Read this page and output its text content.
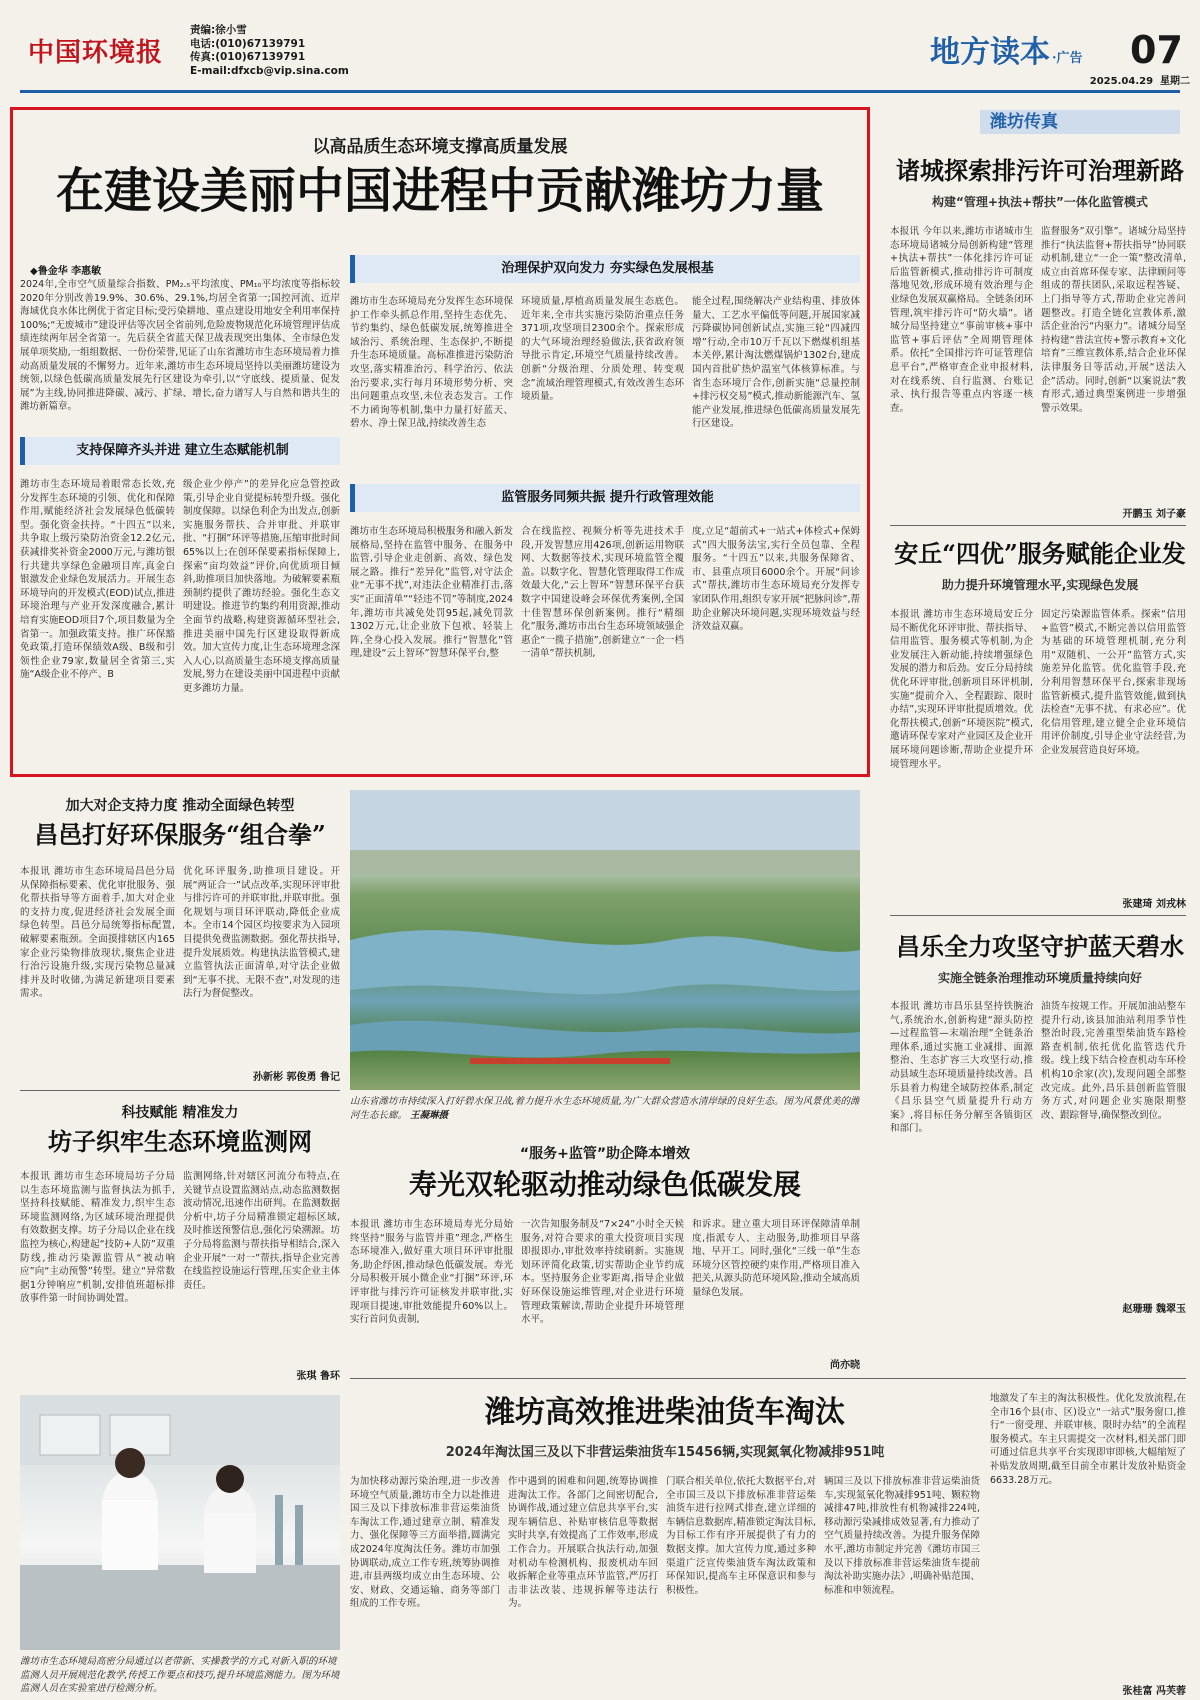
中国环境报
责编:徐小雪
电话:(010)67139791
传真:(010)67139791
E-mail:dfxcb@vip.sina.com
地方读本 ·广告	07
2025.04.29 星期二
潍坊传真
以高品质生态环境支撑高质量发展
在建设美丽中国进程中贡献潍坊力量
◆鲁金华 李惠敏
2024年,全市空气质量综合指数、PM₂.₅平均浓度、PM₁₀平均浓度等指标较2020年分别改善19.9%、30.6%、29.1%,均居全省第一;国控河流、近岸海域优良水体比例优于省定目标;受污染耕地、重点建设用地安全利用率保持100%;“无废城市”建设评估等次居全省前列,危险废物规范化环境管理评估成绩连续两年居全省第一。先后获全省蓝天保卫战表现突出集体、全市绿色发展单项奖励,一组组数据、一份份荣誉,见证了山东省潍坊市生态环境局着力推动高质量发展的不懈努力。近年来,潍坊市生态环境局坚持以美丽潍坊建设为统领,以绿色低碳高质量发展先行区建设为牵引,以“守底线、提质量、促发展”为主线,协同推进降碳、减污、扩绿、增长,奋力谱写人与自然和谐共生的潍坊新篇章。
支持保障齐头并进 建立生态赋能机制
潍坊市生态环境局着眼常态长效,充分发挥生态环境的引领、优化和保障作用,赋能经济社会发展绿色低碳转型。强化资金扶持。“十四五”以来,共争取上级污染防治资金12.2亿元,获减排奖补资金2000万元,与潍坊银行共建共享绿色金融项目库,真金白银激发企业绿色发展活力。开展生态环境导向的开发模式(EOD)试点,推进环境治理与产业开发深度融合,累计培育实施EOD项目7个,项目数量为全省第一。加强政策支持。推广环保豁免政策,打造环保绩效A级、B级和引领性企业79家,数量居全省第三,实施“A级企业不停产、B
级企业少停产”的差异化应急管控政策,引导企业自觉提标转型升级。强化制度保障。以绿色利企为出发点,创新实施服务帮扶、合并审批、并联审批、“打捆”环评等措施,压缩审批时间65%以上;在创环保要素指标保障上,探索“亩均效益”评价,向优质项目倾斜,助推项目加快落地。为破解要素瓶颈制约提供了潍坊经验。强化生态文明建设。推进节约集约利用资源,推动全面节约战略,构建资源循环型社会,推进美丽中国先行区建设取得新成效。加大宣传力度,让生态环境理念深入人心,以高质量生态环境支撑高质量发展,努力在建设美丽中国进程中贡献更多潍坊力量。
治理保护双向发力 夯实绿色发展根基
潍坊市生态环境局充分发挥生态环境保护工作牵头抓总作用,坚持生态优先、节约集约、绿色低碳发展,统筹推进全域治污、系统治理、生态保护,不断提升生态环境质量。高标准推进污染防治攻坚,落实精准治污、科学治污、依法治污要求,实行每月环境形势分析、突出问题重点攻坚,未位表态发言。工作不力函询等机制,集中力量打好蓝天、碧水、净土保卫战,持续改善生态
环境质量,厚植高质量发展生态底色。近年来,全市共实施污染防治重点任务371项,攻坚项目2300余个。探索形成的大气环境治理经验做法,获省政府领导批示肯定,环境空气质量持续改善。创新“分级治理、分质处理、转变观念”流域治理管理模式,有效改善生态环境质量。
能全过程,围绕解决产业结构重、排放体量大、工艺水平偏低等问题,开展国家减污降碳协同创新试点,实施三轮“四减四增”行动,全市10万千瓦以下燃煤机组基本关停,累计淘汰燃煤锅炉1302台,建成国内首批矿热炉温室气体核算标准。与省生态环境厅合作,创新实施“总量控制+排污权交易”模式,推动新能源汽车、氢能产业发展,推进绿色低碳高质量发展先行区建设。
监管服务同频共振 提升行政管理效能
潍坊市生态环境局积极服务和融入新发展格局,坚持在监管中服务、在服务中监管,引导企业走创新、高效、绿色发展之路。推行“差异化”监管,对守法企业“无事不扰”,对违法企业精准打击,落实“正面清单”“轻违不罚”等制度,2024年,潍坊市共减免处罚95起,减免罚款1302万元,让企业放下包袱、轻装上阵,全身心投入发展。推行“智慧化”管理,建设“云上智环”智慧环保平台,整
合在线监控、视频分析等先进技术手段,开发智慧应用426项,创新运用物联网、大数据等技术,实现环境监管全覆盖。以数字化、智慧化管理取得工作成效最大化,“云上智环”智慧环保平台获数字中国建设峰会环保优秀案例,全国十佳智慧环保创新案例。推行“精细化”服务,潍坊市出台生态环境领域强企惠企“一揽子措施”,创新建立“一企一档一清单”帮扶机制,
度,立足“超前式+一站式+体检式+保姆式”四大服务法宝,实行全员包靠、全程服务。“十四五”以来,共服务保障省、市、县重点项目6000余个。开展“问诊式”帮扶,潍坊市生态环境局充分发挥专家团队作用,组织专家开展“把脉问诊”,帮助企业解决环境问题,实现环境效益与经济效益双赢。
诸城探索排污许可治理新路
构建“管理+执法+帮扶”一体化监管模式
本报讯 今年以来,潍坊市诸城市生态环境局诸城分局创新构建“管理+执法+帮扶”一体化排污许可证后监管新模式,推动排污许可制度落地见效,形成环境有效治理与企业绿色发展双赢格局。全链条闭环管理,筑牢排污许可“防火墙”。诸城分局坚持建立“事前审核+事中监管+事后评估”全周期管理体系。依托“全国排污许可证管理信息平台”,严格审查企业申报材料,对在线系统、自行监测、台账记录、执行报告等重点内容逐一核查。
监督服务”双引擎”。诸城分局坚持推行“执法监督+帮扶指导”协同联动机制,建立“一企一策”整改清单,成立由首席环保专家、法律顾问等组成的帮扶团队,采取远程答疑、上门指导等方式,帮助企业完善问题整改。打造全链化宣教体系,激活企业治污“内驱力”。诸城分局坚持构建“普法宣传+警示教育+文化培育”三维宣教体系,结合企业环保法律服务日等活动,开展“送法入企”活动。同时,创新“以案说法”教育形式,通过典型案例进一步增强警示效果。
开鹏玉 刘子豪
安丘“四优”服务赋能企业发
助力提升环境管理水平,实现绿色发展
本报讯 潍坊市生态环境局安丘分局不断优化环评审批、帮扶指导、信用监管、服务模式等机制,为企业发展注入新动能,持续增强绿色发展的潜力和后劲。安丘分局持续优化环评审批,创新项目环评机制,实施“提前介入、全程跟踪、限时办结”,实现环评审批提质增效。优化帮扶模式,创新“环境医院”模式,邀请环保专家对产业园区及企业开展环境问题诊断,帮助企业提升环境管理水平。
固定污染源监管体系。探索“信用+监管”模式,不断完善以信用监管为基础的环境管理机制,充分利用“双随机、一公开”监管方式,实施差异化监管。优化监管手段,充分利用智慧环保平台,探索非现场监管新模式,提升监管效能,做到执法检查“无事不扰、有求必应”。优化信用管理,建立健全企业环境信用评价制度,引导企业守法经营,为企业发展营造良好环境。
张建琦 刘戎林
昌乐全力攻坚守护蓝天碧水
实施全链条治理推动环境质量持续向好
本报讯 潍坊市昌乐县坚持铁腕治气,系统治水,创新构建“源头防控—过程监管—末端治理”全链条治理体系,通过实施工业减排、面源整治、生态扩容三大攻坚行动,推动县域生态环境质量持续改善。昌乐县着力构建全域防控体系,制定《昌乐县空气质量提升行动方案》,将目标任务分解至各镇街区和部门。
油货车按规工作。开展加油站整车提升行动,该县加油站利用季节性整治时段,完善重型柴油货车路检路查机制,依托优化监管迭代升级。线上线下结合检查机动车环检机构10余家(次),发现问题全部整改完成。此外,昌乐县创新监管服务方式,对问题企业实施限期整改、跟踪督导,确保整改到位。
赵珊珊 魏翠玉
加大对企支持力度 推动全面绿色转型
昌邑打好环保服务“组合拳”
本报讯 潍坊市生态环境局昌邑分局从保障指标要素、优化审批服务、强化帮扶指导等方面着手,加大对企业的支持力度,促进经济社会发展全面绿色转型。昌邑分局统筹指标配置,破解要素瓶颈。全面摸排辖区内165家企业污染物排放现状,聚焦企业进行治污设施升级,实现污染物总量减排并及时收储,为满足新建项目要素需求。
优化环评服务,助推项目建设。开展“两证合一”试点改革,实现环评审批与排污许可的并联审批,并联审批。强化规划与项目环评联动,降低企业成本。全市14个园区均按要求为入园项目提供免费监测数据。强化帮扶指导,提升发展质效。构建执法监管模式,建立监管执法正面清单,对守法企业做到“无事不扰、无限不查”,对发现的违法行为督促整改。
孙新彬 郭俊勇 鲁记
山东省潍坊市持续深入打好碧水保卫战,着力提升水生态环境质量,为广大群众营造水清岸绿的良好生态。图为风景优美的潍河生态长廊。 王凝琳摄
科技赋能 精准发力
坊子织牢生态环境监测网
本报讯 潍坊市生态环境局坊子分局以生态环境监测与监督执法为抓手,坚持科技赋能、精准发力,织牢生态环境监测网络,为区域环境治理提供有效数据支撑。坊子分局以企业在线监控为核心,构建起“技防+人防”双重防线,推动污染源监管从“被动响应”向“主动预警”转型。建立“异常数据1分钟响应”机制,安排值班超标排放事件第一时间协调处置。
监测网络,针对辖区河流分布特点,在关键节点设置监测站点,动态监测数据波动情况,迅速作出研判。在监测数据分析中,坊子分局精准锁定超标区域,及时推送预警信息,强化污染溯源。坊子分局将监测与帮扶指导相结合,深入企业开展“一对一”帮扶,指导企业完善在线监控设施运行管理,压实企业主体责任。
张琪 鲁环
“服务+监管”助企降本增效
寿光双轮驱动推动绿色低碳发展
本报讯 潍坊市生态环境局寿光分局始终坚持“服务与监管并重”理念,严格生态环境准入,做好重大项目环评审批服务,助企纾困,推动绿色低碳发展。寿光分局积极开展小微企业“打捆”环评,环评审批与排污许可证核发并联审批,实现项目提速,审批效能提升60%以上。实行首问负责制,
一次告知服务制及“7×24”小时全天候服务,对符合要求的重大投资项目实现即报即办,审批效率持续刷新。实施规划环评简化政策,切实帮助企业节约成本。坚持服务企业零距离,指导企业做好环保设施运维管理,对企业进行环境管理政策解读,帮助企业提升环境管理水平。
和诉求。建立重大项目环评保障清单制度,指派专人、主动服务,助推项目早落地、早开工。同时,强化“三线一单”生态环境分区管控硬约束作用,严格项目准入把关,从源头防范环境风险,推动全域高质量绿色发展。
尚亦晓
潍坊市生态环境局高密分局通过以老带新、实操教学的方式,对新入职的环境监测人员开展规范化教学,传授工作要点和技巧,提升环境监测能力。图为环境监测人员在实验室进行检测分析。
潍坊高效推进柴油货车淘汰
2024年淘汰国三及以下非营运柴油货车15456辆,实现氮氧化物减排951吨
为加快移动源污染治理,进一步改善环境空气质量,潍坊市全力以赴推进国三及以下排放标准非营运柴油货车淘汰工作,通过建章立制、精准发力、强化保障等三方面举措,圆满完成2024年度淘汰任务。潍坊市加强协调联动,成立工作专班,统筹协调推进,市县两级均成立由生态环境、公安、财政、交通运输、商务等部门组成的工作专班。
作中遇到的困难和问题,统筹协调推进淘汰工作。各部门之间密切配合,协调作战,通过建立信息共享平台,实现车辆信息、补贴审核信息等数据实时共享,有效提高了工作效率,形成工作合力。开展联合执法行动,加强对机动车检测机构、报废机动车回收拆解企业等重点环节监管,严厉打击非法改装、违规拆解等违法行为。
门联合相关单位,依托大数据平台,对全市国三及以下排放标准非营运柴油货车进行拉网式排查,建立详细的车辆信息数据库,精准锁定淘汰目标,为目标工作有序开展提供了有力的数据支撑。加大宣传力度,通过多种渠道广泛宣传柴油货车淘汰政策和环保知识,提高车主环保意识和参与积极性。
辆国三及以下排放标准非营运柴油货车,实现氮氧化物减排951吨、颗粒物减排47吨,排放性有机物减排224吨,移动源污染减排成效显著,有力推动了空气质量持续改善。为提升服务保障水平,潍坊市制定并完善《潍坊市国三及以下排放标准非营运柴油货车提前淘汰补助实施办法》,明确补贴范围、标准和申领流程。
地激发了车主的淘汰积极性。优化发放流程,在全市16个县(市、区)设立“一站式”服务窗口,推行“一窗受理、并联审核、限时办结”的全流程服务模式。车主只需提交一次材料,相关部门即可通过信息共享平台实现即审即核,大幅缩短了补贴发放周期,截至目前全市累计发放补贴资金6633.28万元。
张桂富 冯芙蓉
